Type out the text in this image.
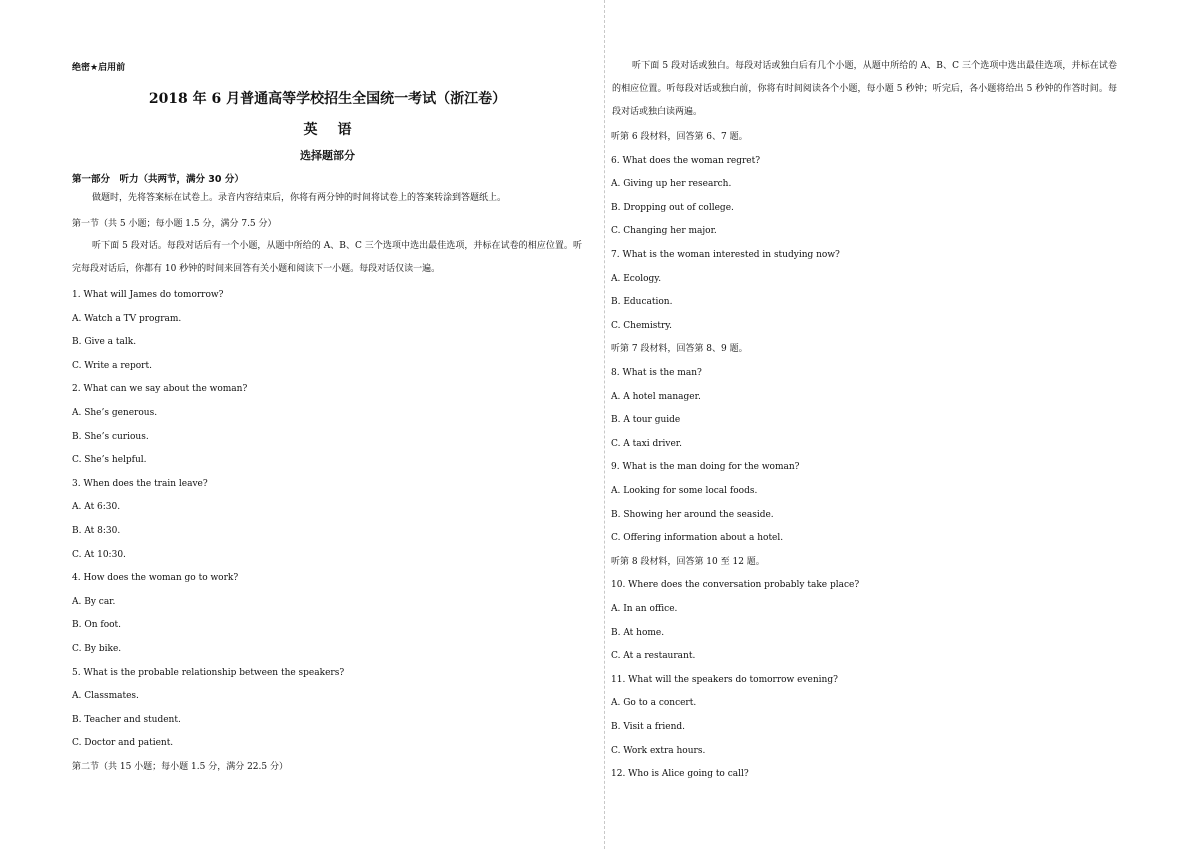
绝密★启用前
2018 年 6 月普通高等学校招生全国统一考试（浙江卷）
英语
选择题部分
第一部分　听力（共两节，满分 30 分）
做题时，先将答案标在试卷上。录音内容结束后，你将有两分钟的时间将试卷上的答案转涂到答题纸上。
第一节（共 5 小题；每小题 1.5 分，满分 7.5 分）
听下面 5 段对话。每段对话后有一个小题，从题中所给的 A、B、C 三个选项中选出最佳选项，并标在试卷的相应位置。听完每段对话后，你都有 10 秒钟的时间来回答有关小题和阅读下一小题。每段对话仅读一遍。
1. What will James do tomorrow?
A. Watch a TV program.
B. Give a talk.
C. Write a report.
2. What can we say about the woman?
A. She’s generous.
B. She’s curious.
C. She’s helpful.
3. When does the train leave?
A. At 6:30.
B. At 8:30.
C. At 10:30.
4. How does the woman go to work?
A. By car.
B. On foot.
C. By bike.
5. What is the probable relationship between the speakers?
A. Classmates.
B. Teacher and student.
C. Doctor and patient.
第二节（共 15 小题；每小题 1.5 分，满分 22.5 分）
听下面 5 段对话或独白。每段对话或独白后有几个小题，从题中所给的 A、B、C 三个选项中选出最佳选项，并标在试卷的相应位置。听每段对话或独白前，你将有时间阅读各个小题，每小题 5 秒钟；听完后，各小题将给出 5 秒钟的作答时间。每段对话或独白读两遍。
听第 6 段材料，回答第 6、7 题。
6. What does the woman regret?
A. Giving up her research.
B. Dropping out of college.
C. Changing her major.
7. What is the woman interested in studying now?
A. Ecology.
B. Education.
C. Chemistry.
听第 7 段材料，回答第 8、9 题。
8. What is the man?
A. A hotel manager.
B. A tour guide
C. A taxi driver.
9. What is the man doing for the woman?
A. Looking for some local foods.
B. Showing her around the seaside.
C. Offering information about a hotel.
听第 8 段材料，回答第 10 至 12 题。
10. Where does the conversation probably take place?
A. In an office.
B. At home.
C. At a restaurant.
11. What will the speakers do tomorrow evening?
A. Go to a concert.
B. Visit a friend.
C. Work extra hours.
12. Who is Alice going to call?
